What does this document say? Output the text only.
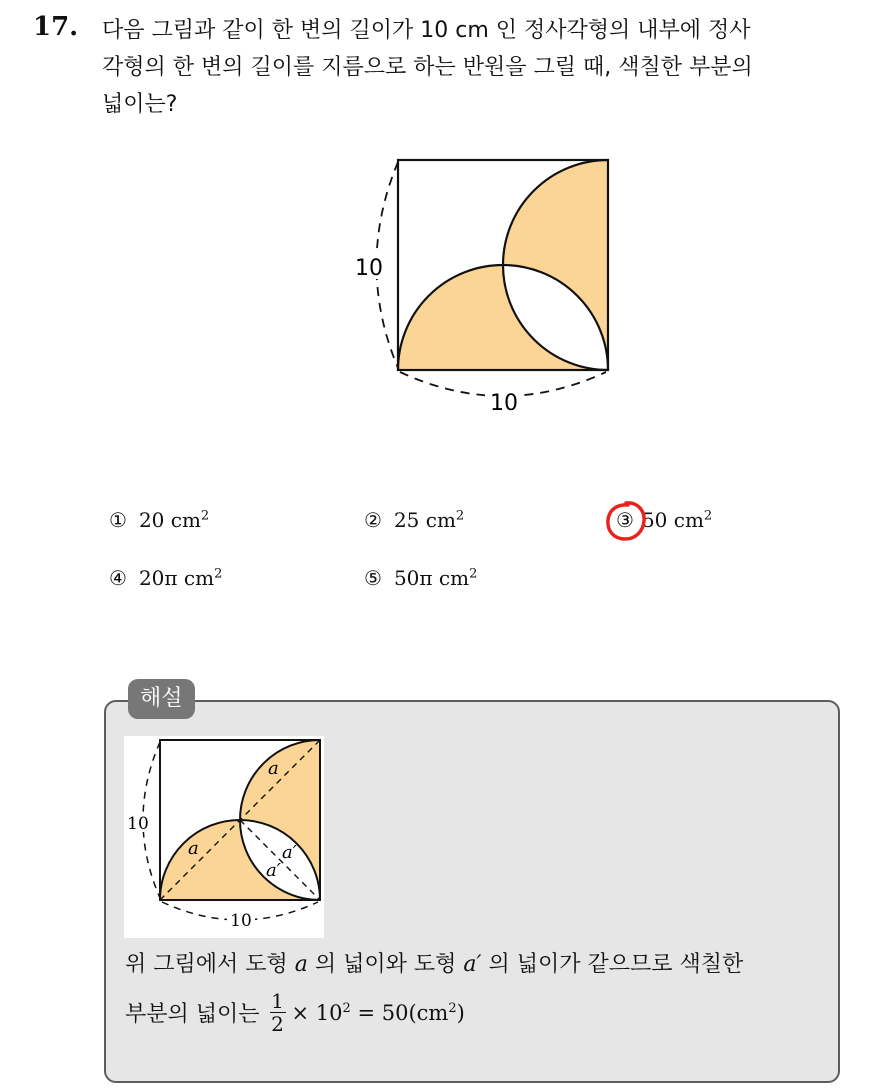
17. 다음 그림과 같이 한 변의 길이가 10 cm 인 정사각형의 내부에 정사
각형의 한 변의 길이를 지름으로 하는 반원을 그릴 때, 색칠한 부분의
넓이는?
10
10
① 20 $cm^2$	② 25 $cm^2$	③ 50 $cm^2$
④ 20π $cm^2$	⑤ 50π $cm^2$
해설
10
10
a
a	a′
a′
위 그림에서 도형 a 의 넓이와 도형 a′ 의 넓이가 같으므로 색칠한
부분의 넓이는 $\frac{1}{2} \times 10^2 = 50(cm^2)$
